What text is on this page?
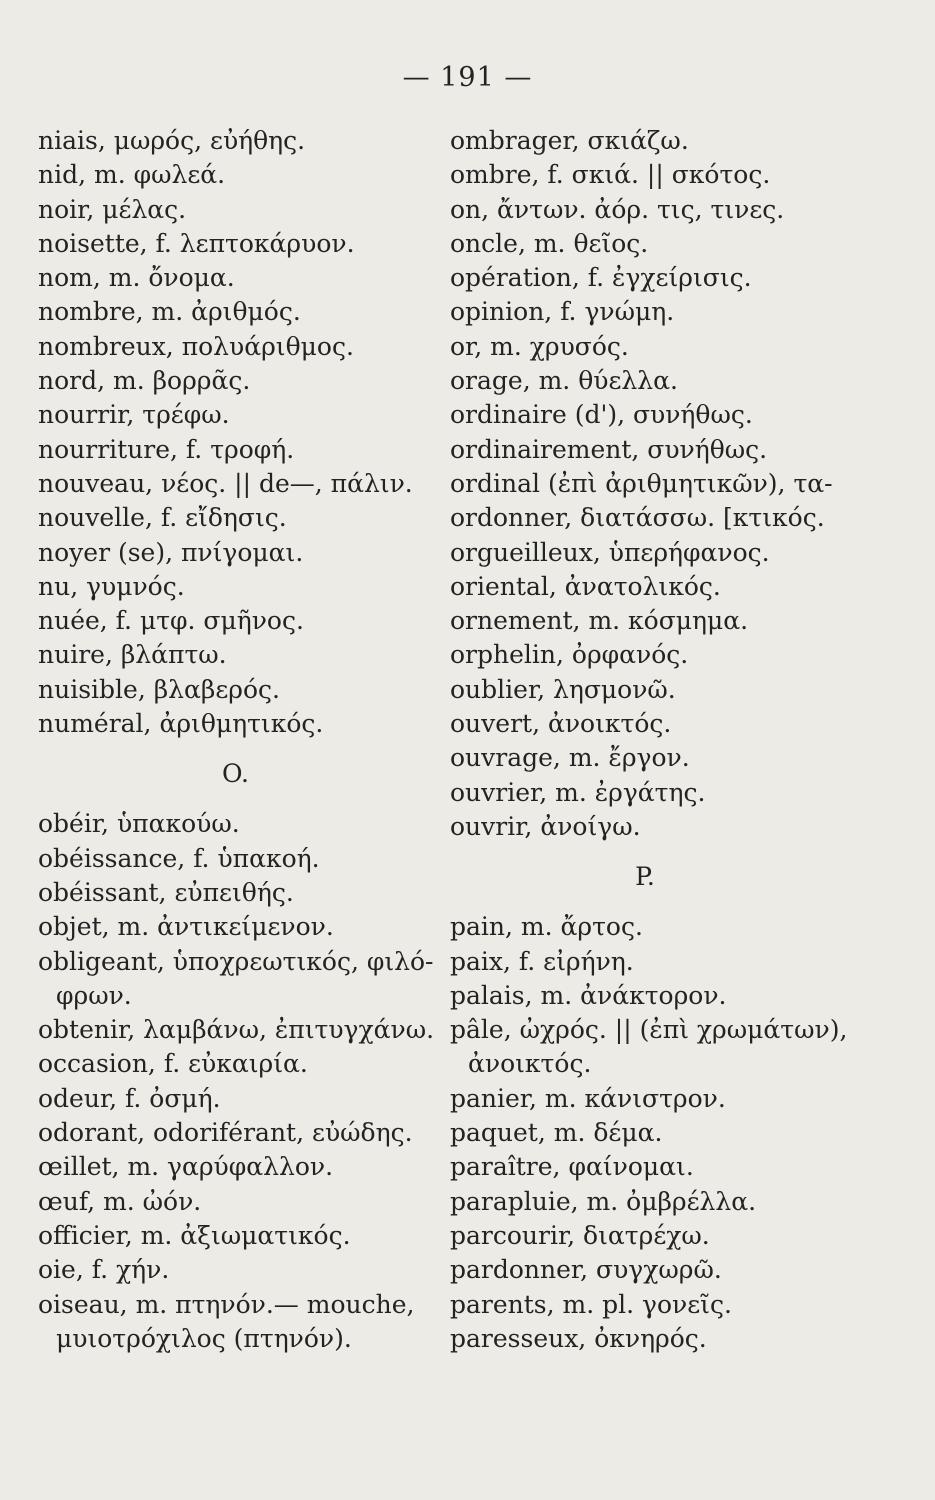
— 191 —
niais, μωρός, εὐήθης.
nid, m. φωλεά.
noir, μέλας.
noisette, f. λεπτοκάρυον.
nom, m. ὄνομα.
nombre, m. ἀριθμός.
nombreux, πολυάριθμος.
nord, m. βορρᾶς.
nourrir, τρέφω.
nourriture, f. τροφή.
nouveau, νέος. || de—, πάλιν.
nouvelle, f. εἴδησις.
noyer (se), πνίγομαι.
nu, γυμνός.
nuée, f. μτφ. σμῆνος.
nuire, βλάπτω.
nuisible, βλαβερός.
numéral, ἀριθμητικός.
O.
obéir, ὑπακούω.
obéissance, f. ὑπακοή.
obéissant, εὐπειθής.
objet, m. ἀντικείμενον.
obligeant, ὑποχρεωτικός, φιλό-
φρων.
obtenir, λαμβάνω, ἐπιτυγχάνω.
occasion, f. εὐκαιρία.
odeur, f. ὀσμή.
odorant, odoriférant, εὐώδης.
œillet, m. γαρύφαλλον.
œuf, m. ὠόν.
officier, m. ἀξιωματικός.
oie, f. χήν.
oiseau, m. πτηνόν.— mouche,
μυιοτρόχιλος (πτηνόν).
ombrager, σκιάζω.
ombre, f. σκιά. || σκότος.
on, ἄντων. ἀόρ. τις, τινες.
oncle, m. θεῖος.
opération, f. ἐγχείρισις.
opinion, f. γνώμη.
or, m. χρυσός.
orage, m. θύελλα.
ordinaire (d'), συνήθως.
ordinairement, συνήθως.
ordinal (ἐπὶ ἀριθμητικῶν), τα-
ordonner, διατάσσω. [κτικός.
orgueilleux, ὑπερήφανος.
oriental, ἀνατολικός.
ornement, m. κόσμημα.
orphelin, ὀρφανός.
oublier, λησμονῶ.
ouvert, ἀνοικτός.
ouvrage, m. ἔργον.
ouvrier, m. ἐργάτης.
ouvrir, ἀνοίγω.
P.
pain, m. ἄρτος.
paix, f. εἰρήνη.
palais, m. ἀνάκτορον.
pâle, ὠχρός. || (ἐπὶ χρωμάτων),
ἀνοικτός.
panier, m. κάνιστρον.
paquet, m. δέμα.
paraître, φαίνομαι.
parapluie, m. ὀμβρέλλα.
parcourir, διατρέχω.
pardonner, συγχωρῶ.
parents, m. pl. γονεῖς.
paresseux, ὀκνηρός.
